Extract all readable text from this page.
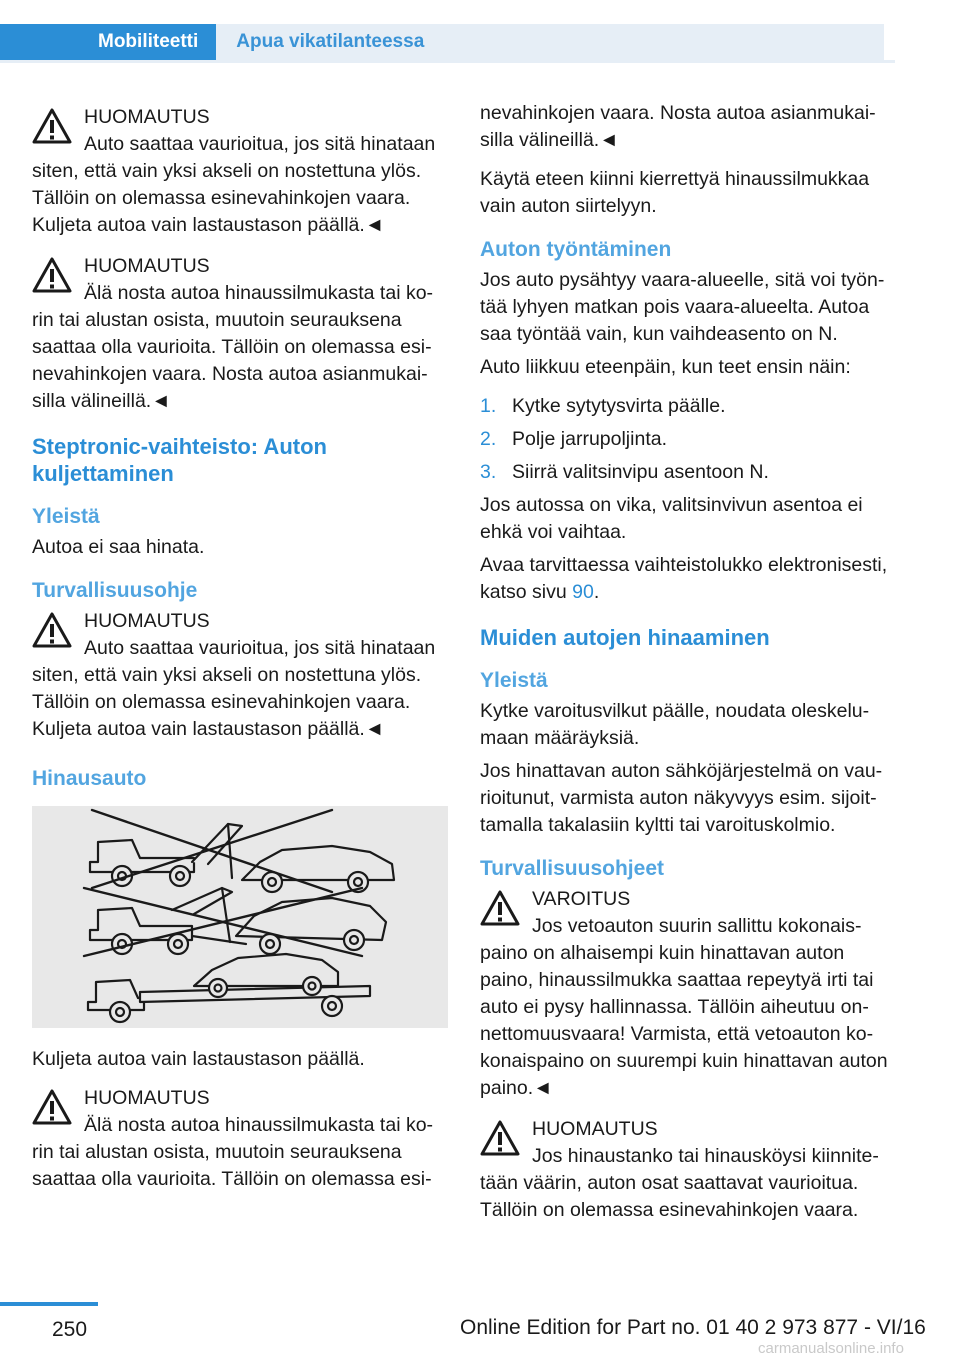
Mobiliteetti	Apua vikatilanteessa
HUOMAUTUS
Auto saattaa vaurioitua, jos sitä hinataan
siten, että vain yksi akseli on nostettuna ylös. Tällöin on olemassa esinevahinkojen vaara. Kuljeta autoa vain lastaustason päällä.◄
HUOMAUTUS
Älä nosta autoa hinaussilmukasta tai ko-
rin tai alustan osista, muutoin seurauksena saattaa olla vaurioita. Tällöin on olemassa esinevahinkojen vaara. Nosta autoa asianmukaisilla välineillä.◄
Steptronic-vaihteisto: Auton kuljettaminen
Yleistä

Autoa ei saa hinata.

Turvallisuusohje
HUOMAUTUS
Auto saattaa vaurioitua, jos sitä hinataan
siten, että vain yksi akseli on nostettuna ylös. Tällöin on olemassa esinevahinkojen vaara. Kuljeta autoa vain lastaustason päällä.◄
Hinausauto

Kuljeta autoa vain lastaustason päällä.

HUOMAUTUS
Älä nosta autoa hinaussilmukasta tai ko-
rin tai alustan osista, muutoin seurauksena saattaa olla vaurioita. Tällöin on olemassa esi-

nevahinkojen vaara. Nosta autoa asianmukaisilla välineillä.◄

Käytä eteen kiinni kierrettyä hinaussilmukkaa vain auton siirtelyyn.

Auton työntäminen

Jos auto pysähtyy vaara-alueelle, sitä voi työntää lyhyen matkan pois vaara-alueelta. Autoa saa työntää vain, kun vaihdeasento on N.

Auto liikkuu eteenpäin, kun teet ensin näin:

1. Kytke sytytysvirta päälle.
2. Polje jarrupoljinta.
3. Siirrä valitsinvipu asentoon N.

Jos autossa on vika, valitsinvivun asentoa ei ehkä voi vaihtaa.

Avaa tarvittaessa vaihteistolukko elektronisesti, katso sivu 90.

Muiden autojen hinaaminen
Yleistä

Kytke varoitusvilkut päälle, noudata oleskelumaan määräyksiä.

Jos hinattavan auton sähköjärjestelmä on vaurioitunut, varmista auton näkyvyys esim. sijoittamalla takalasiin kyltti tai varoituskolmio.

Turvallisuusohjeet
VAROITUS
Jos vetoauton suurin sallittu kokonais-
paino on alhaisempi kuin hinattavan auton paino, hinaussilmukka saattaa repeytyä irti tai auto ei pysy hallinnassa. Tällöin aiheutuu onnettomuusvaara! Varmista, että vetoauton kokonaispaino on suurempi kuin hinattavan auton paino.◄
HUOMAUTUS
Jos hinaustanko tai hinausköysi kiinnite-
tään väärin, auton osat saattavat vaurioitua. Tällöin on olemassa esinevahinkojen vaara.
250	Online Edition for Part no. 01 40 2 973 877 - VI/16
carmanualsonline.info
